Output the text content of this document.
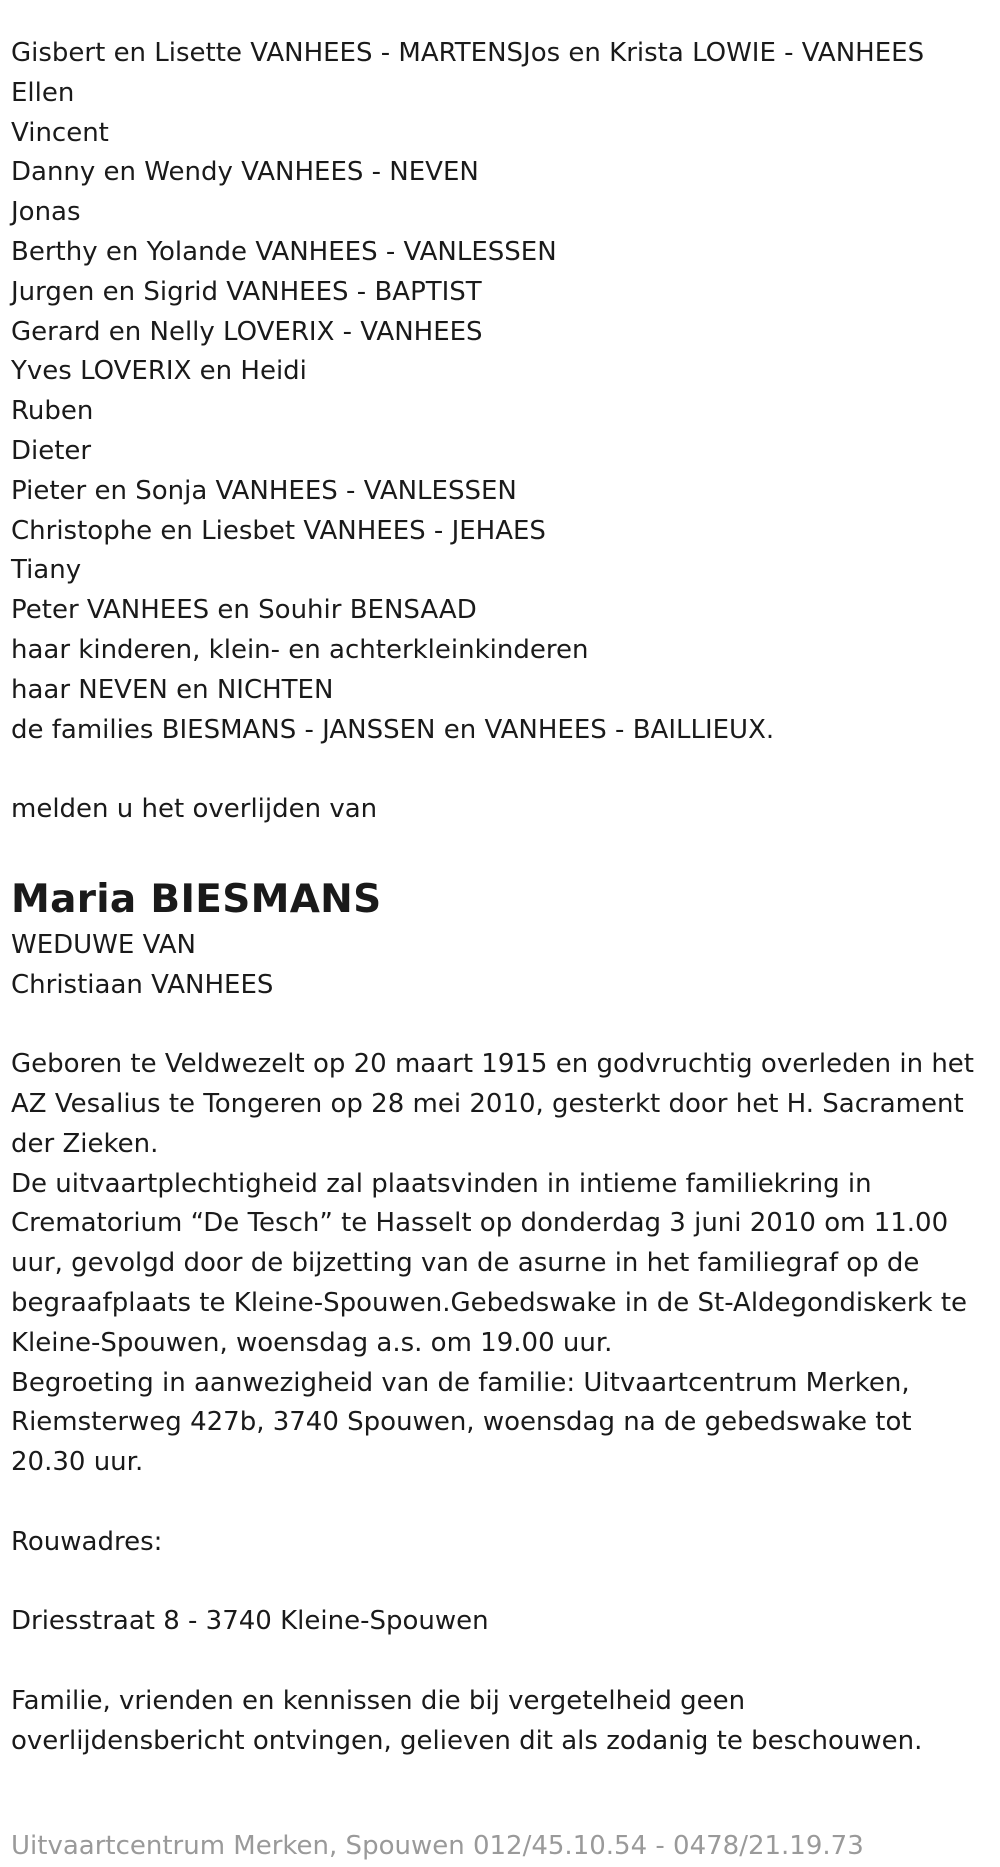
Gisbert en Lisette VANHEES - MARTENSJos en Krista LOWIE - VANHEES

Ellen

Vincent

Danny en Wendy VANHEES - NEVEN

Jonas

Berthy en Yolande VANHEES - VANLESSEN

Jurgen en Sigrid VANHEES - BAPTIST

Gerard en Nelly LOVERIX - VANHEES

Yves LOVERIX en Heidi

Ruben

Dieter

Pieter en Sonja VANHEES - VANLESSEN

Christophe en Liesbet VANHEES - JEHAES

Tiany

Peter VANHEES en Souhir BENSAAD

haar kinderen, klein- en achterkleinkinderen

haar NEVEN en NICHTEN

de families BIESMANS - JANSSEN en VANHEES - BAILLIEUX.

melden u het overlijden van

Maria BIESMANS

WEDUWE VAN

Christiaan VANHEES

Geboren te Veldwezelt op 20 maart 1915 en godvruchtig overleden in het
AZ Vesalius te Tongeren op 28 mei 2010, gesterkt door het H. Sacrament
der Zieken.
De uitvaartplechtigheid zal plaatsvinden in intieme familiekring in
Crematorium “De Tesch” te Hasselt op donderdag 3 juni 2010 om 11.00
uur, gevolgd door de bijzetting van de asurne in het familiegraf op de
begraafplaats te Kleine-Spouwen.Gebedswake in de St-Aldegondiskerk te
Kleine-Spouwen, woensdag a.s. om 19.00 uur.
Begroeting in aanwezigheid van de familie: Uitvaartcentrum Merken,
Riemsterweg 427b, 3740 Spouwen, woensdag na de gebedswake tot
20.30 uur.

Rouwadres:

Driesstraat 8 - 3740 Kleine-Spouwen

Familie, vrienden en kennissen die bij vergetelheid geen
overlijdensbericht ontvingen, gelieven dit als zodanig te beschouwen.

Uitvaartcentrum Merken, Spouwen 012/45.10.54 - 0478/21.19.73
